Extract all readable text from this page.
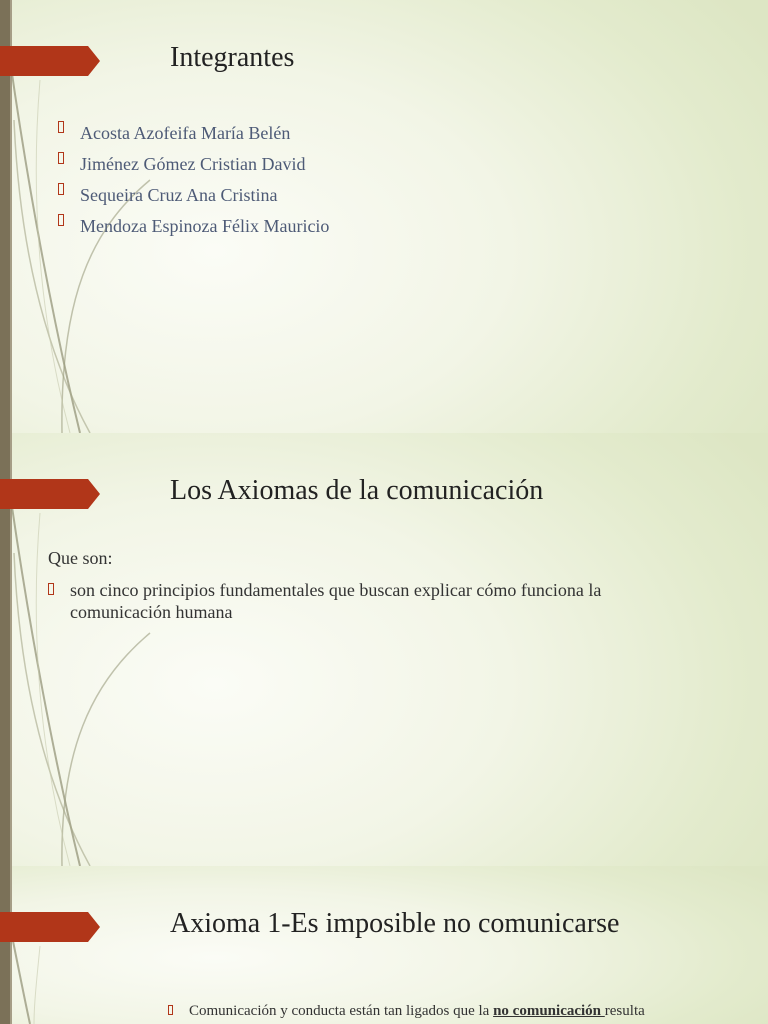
Integrantes
Acosta Azofeifa María Belén
Jiménez Gómez Cristian David
Sequeira Cruz Ana Cristina
Mendoza Espinoza Félix Mauricio
Los Axiomas de la comunicación
Que son:
son cinco principios fundamentales que buscan explicar cómo funciona la comunicación humana
Axioma 1-Es imposible no comunicarse
Comunicación y conducta están tan ligados que la no comunicación resulta
